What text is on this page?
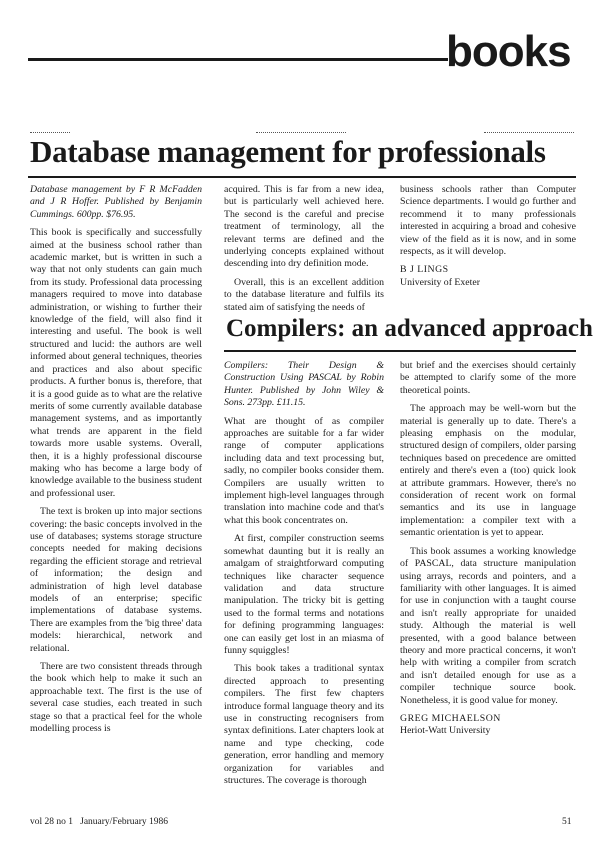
books
Database management for professionals

Database management by F R McFadden and J R Hoffer. Published by Benjamin Cummings. 600pp. $76.95.

This book is specifically and successfully aimed at the business school rather than academic market, but is written in such a way that not only students can gain much from its study. Professional data processing managers required to move into database administration, or wishing to further their knowledge of the field, will also find it interesting and useful. The book is well structured and lucid: the authors are well informed about general techniques, theories and practices and also about specific products. A further bonus is, therefore, that it is a good guide as to what are the relative merits of some currently available database management systems, and as importantly what trends are apparent in the field towards more usable systems. Overall, then, it is a highly professional discourse making who has become a large body of knowledge available to the business student and professional user.

The text is broken up into major sections covering: the basic concepts involved in the use of databases; systems storage structure concepts needed for making decisions regarding the efficient storage and retrieval of information; the design and administration of high level database models of an enterprise; specific implementations of database systems. There are examples from the 'big three' data models: hierarchical, network and relational.

There are two consistent threads through the book which help to make it such an approachable text. The first is the use of several case studies, each treated in such stage so that a practical feel for the whole modelling process is

acquired. This is far from a new idea, but is particularly well achieved here. The second is the careful and precise treatment of terminology, all the relevant terms are defined and the underlying concepts explained without descending into dry definition mode.

Overall, this is an excellent addition to the database literature and fulfils its stated aim of satisfying the needs of

business schools rather than Computer Science departments. I would go further and recommend it to many professionals interested in acquiring a broad and cohesive view of the field as it is now, and in some respects, as it will develop.

B J LINGS
University of Exeter
Compilers: an advanced approach

Compilers: Their Design & Construction Using PASCAL by Robin Hunter. Published by John Wiley & Sons. 273pp. £11.15.

What are thought of as compiler approaches are suitable for a far wider range of computer applications including data and text processing but, sadly, no compiler books consider them. Compilers are usually written to implement high-level languages through translation into machine code and that's what this book concentrates on.

At first, compiler construction seems somewhat daunting but it is really an amalgam of straightforward computing techniques like character sequence validation and data structure manipulation. The tricky bit is getting used to the formal terms and notations for defining programming languages: one can easily get lost in an miasma of funny squiggles!

This book takes a traditional syntax directed approach to presenting compilers. The first few chapters introduce formal language theory and its use in constructing recognisers from syntax definitions. Later chapters look at name and type checking, code generation, error handling and memory organization for variables and structures. The coverage is thorough

but brief and the exercises should certainly be attempted to clarify some of the more theoretical points.

The approach may be well-worn but the material is generally up to date. There's a pleasing emphasis on the modular, structured design of compilers, older parsing techniques based on precedence are omitted entirely and there's even a (too) quick look at attribute grammars. However, there's no consideration of recent work on formal semantics and its use in language implementation: a compiler text with a semantic orientation is yet to appear.

This book assumes a working knowledge of PASCAL, data structure manipulation using arrays, records and pointers, and a familiarity with other languages. It is aimed for use in conjunction with a taught course and isn't really appropriate for unaided study. Although the material is well presented, with a good balance between theory and more practical concerns, it won't help with writing a compiler from scratch and isn't detailed enough for use as a compiler technique source book. Nonetheless, it is good value for money.

GREG MICHAELSON
Heriot-Watt University
vol 28 no 1   January/February 1986	51
